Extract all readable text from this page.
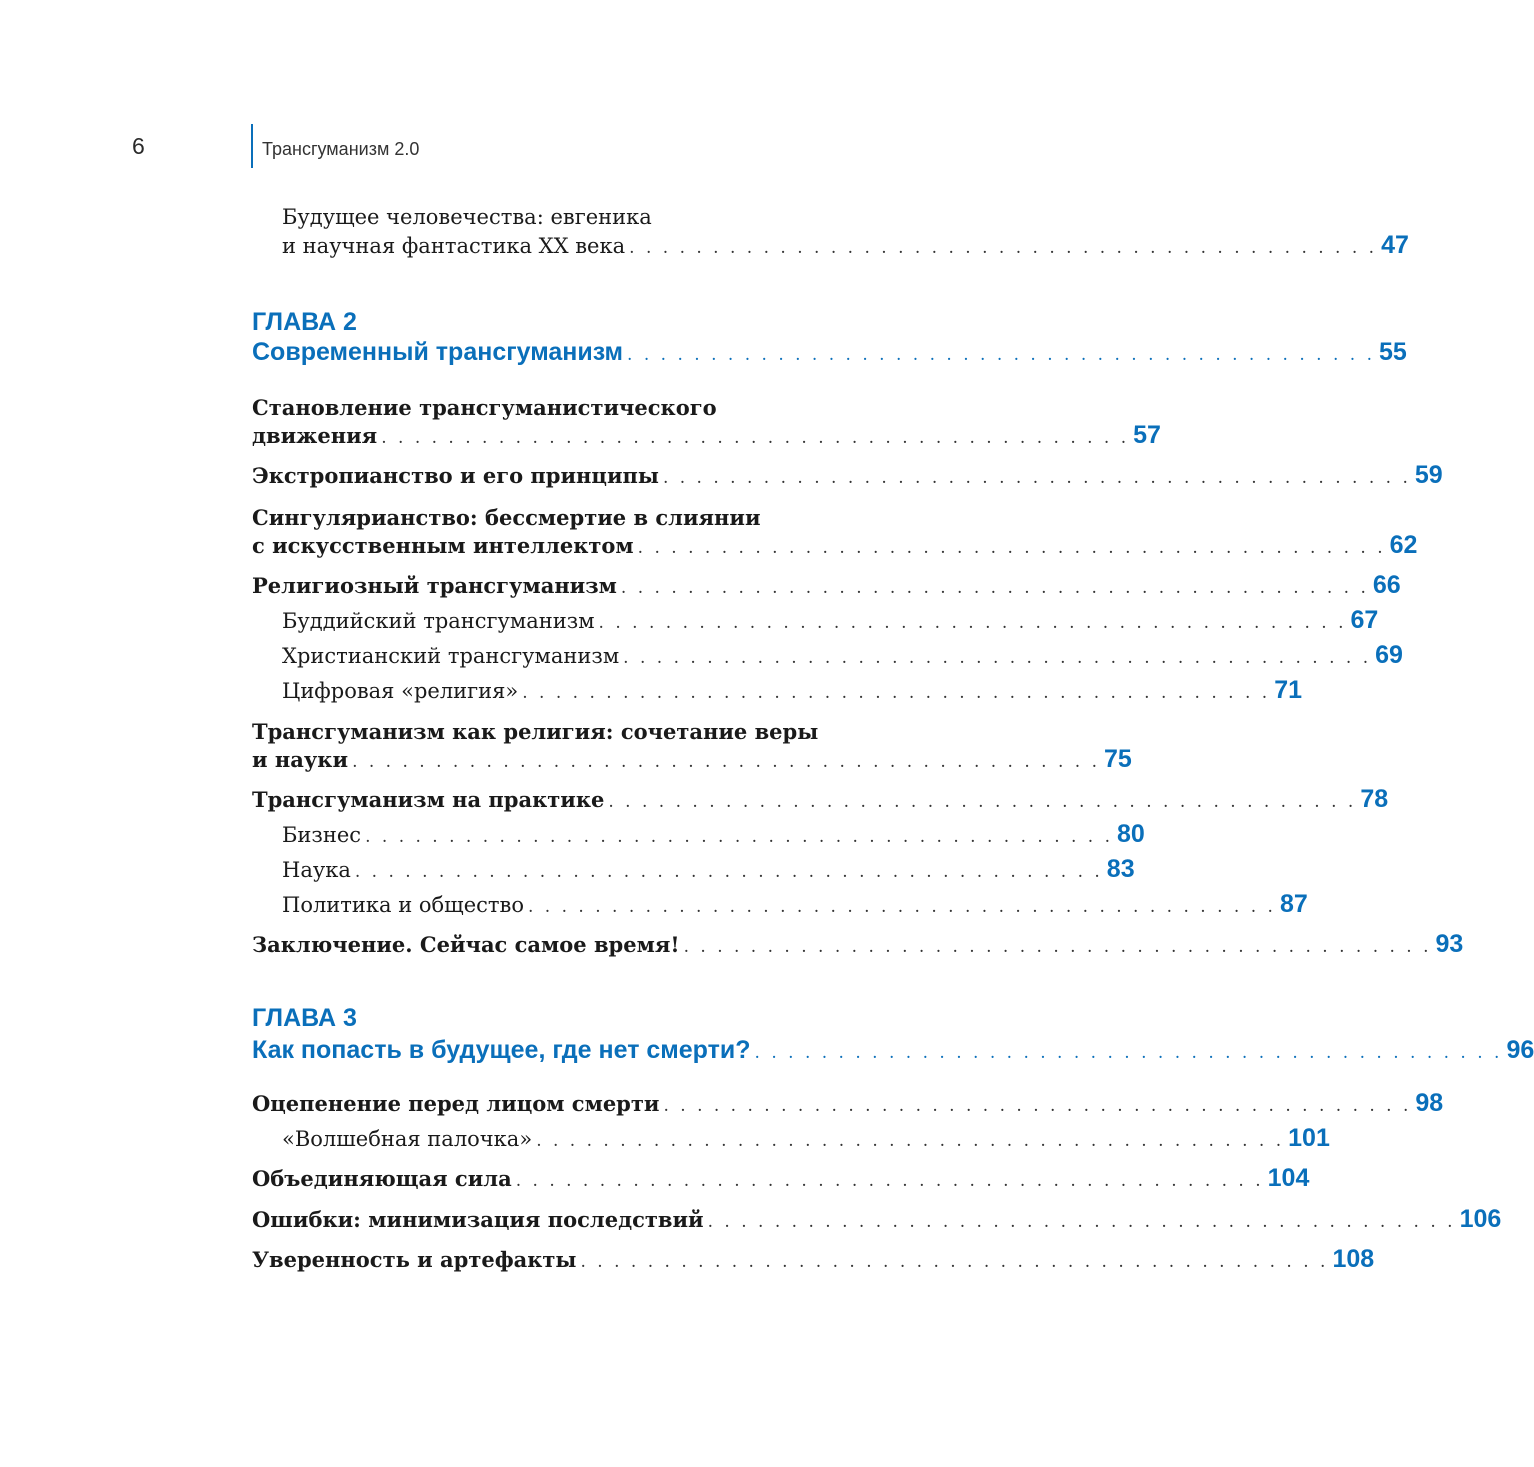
6	Трансгуманизм 2.0
Будущее человечества: евгеника
и научная фантастика XX века . . . . . . . . . . . . . . . . . . . . . . . . . . . . . . . . . . . . . . . . . . . . . 47
ГЛАВА 2
Современный трансгуманизм . . . . . . . . . . . . . . . . . . . . . . . . . . . . . . . . . . . . . . . . . . . . . 55
Становление трансгуманистического
движения . . . . . . . . . . . . . . . . . . . . . . . . . . . . . . . . . . . . . . . . . . . . . 57
Экстропианство и его принципы . . . . . . . . . . . . . . . . . . . . . . . . . . . . . . . . . . . . . . . . . . . . . 59
Сингулярианство: бессмертие в слиянии
с искусственным интеллектом . . . . . . . . . . . . . . . . . . . . . . . . . . . . . . . . . . . . . . . . . . . . . 62
Религиозный трансгуманизм . . . . . . . . . . . . . . . . . . . . . . . . . . . . . . . . . . . . . . . . . . . . . 66
Буддийский трансгуманизм . . . . . . . . . . . . . . . . . . . . . . . . . . . . . . . . . . . . . . . . . . . . . 67
Христианский трансгуманизм . . . . . . . . . . . . . . . . . . . . . . . . . . . . . . . . . . . . . . . . . . . . . 69
Цифровая «религия» . . . . . . . . . . . . . . . . . . . . . . . . . . . . . . . . . . . . . . . . . . . . . 71
Трансгуманизм как религия: сочетание веры
и науки . . . . . . . . . . . . . . . . . . . . . . . . . . . . . . . . . . . . . . . . . . . . . 75
Трансгуманизм на практике . . . . . . . . . . . . . . . . . . . . . . . . . . . . . . . . . . . . . . . . . . . . . 78
Бизнес . . . . . . . . . . . . . . . . . . . . . . . . . . . . . . . . . . . . . . . . . . . . . 80
Наука . . . . . . . . . . . . . . . . . . . . . . . . . . . . . . . . . . . . . . . . . . . . . 83
Политика и общество . . . . . . . . . . . . . . . . . . . . . . . . . . . . . . . . . . . . . . . . . . . . . 87
Заключение. Сейчас самое время! . . . . . . . . . . . . . . . . . . . . . . . . . . . . . . . . . . . . . . . . . . . . . 93
ГЛАВА 3
Как попасть в будущее, где нет смерти? . . . . . . . . . . . . . . . . . . . . . . . . . . . . . . . . . . . . . . . . . . . . . 96
Оцепенение перед лицом смерти . . . . . . . . . . . . . . . . . . . . . . . . . . . . . . . . . . . . . . . . . . . . . 98
«Волшебная палочка» . . . . . . . . . . . . . . . . . . . . . . . . . . . . . . . . . . . . . . . . . . . . . 101
Объединяющая сила . . . . . . . . . . . . . . . . . . . . . . . . . . . . . . . . . . . . . . . . . . . . . 104
Ошибки: минимизация последствий . . . . . . . . . . . . . . . . . . . . . . . . . . . . . . . . . . . . . . . . . . . . . 106
Уверенность и артефакты . . . . . . . . . . . . . . . . . . . . . . . . . . . . . . . . . . . . . . . . . . . . . 108
